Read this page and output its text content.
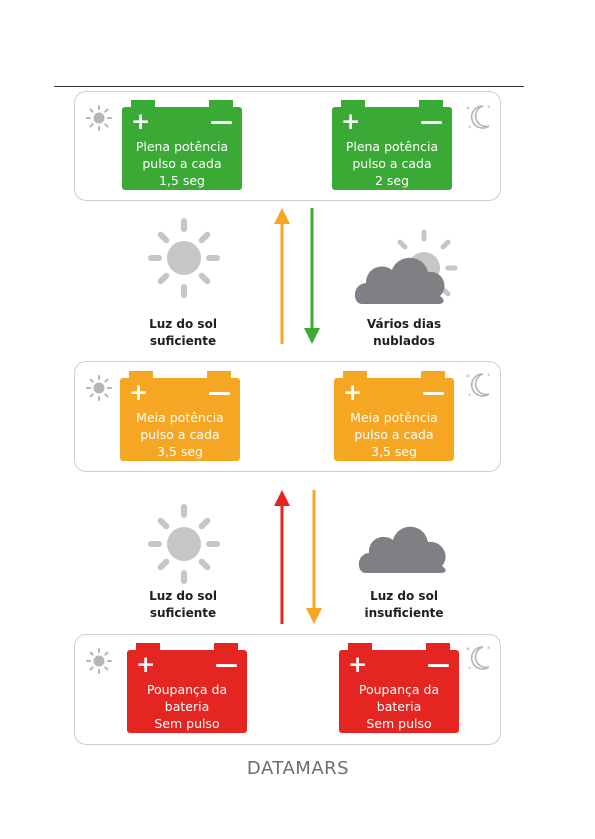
+	—
Plena potência
pulso a cada
1,5 seg
+	—
Plena potência
pulso a cada
2 seg
* *
*
Luz do sol
suficiente
Vários dias
nublados
+	—
Meia potência
pulso a cada
3,5 seg
+	—
Meia potência
pulso a cada
3,5 seg
* *
*
Luz do sol
suficiente
Luz do sol
insuficiente
+	—
Poupança da
bateria
Sem pulso
+	—
Poupança da
bateria
Sem pulso
* *
*
DATAMARS
